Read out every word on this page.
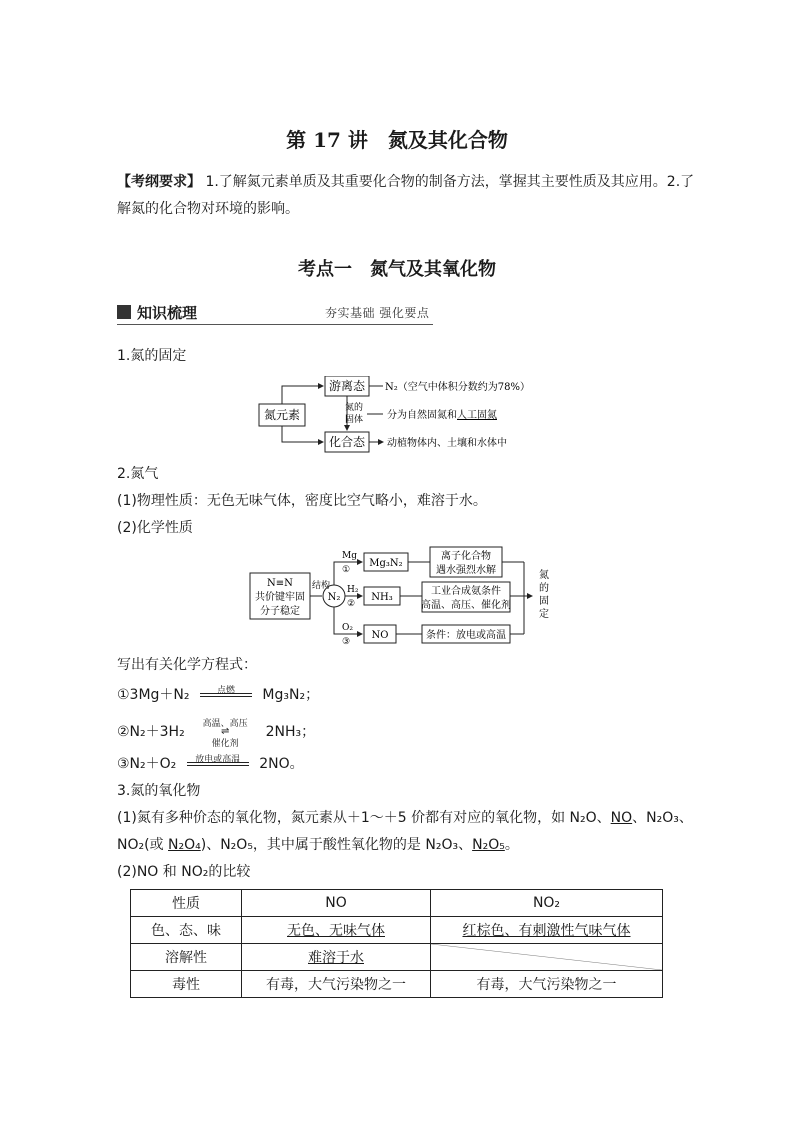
第 17 讲　氮及其化合物
【考纲要求】 1.了解氮元素单质及其重要化合物的制备方法，掌握其主要性质及其应用。2.了
解氮的化合物对环境的影响。
考点一　氮气及其氧化物
知识梳理	夯实基础 强化要点
1.氮的固定
氮元素
游离态
化合态
氮的
固体
N₂（空气中体积分数约为78%）
分为自然固氮和人工固氮
动植物体内、土壤和水体中
2.氮气
(1)物理性质：无色无味气体，密度比空气略小，难溶于水。
(2)化学性质
N≡N
共价键牢固
分子稳定
结构
N₂
Mg
①
H₂
②
O₂
③
Mg₃N₂
NH₃
NO
离子化合物
遇水强烈水解
工业合成氨条件
高温、高压、催化剂
条件：放电或高温
氮
的
固
定
写出有关化学方程式：
①3Mg＋N₂	点燃	Mg₃N₂；
②N₂＋3H₂	高温、高压
⇌
催化剂
2NH₃；
③N₂＋O₂	放电或高温	2NO。
3.氮的氧化物
(1)氮有多种价态的氧化物，氮元素从＋1～＋5 价都有对应的氧化物，如 N₂O、NO、N₂O₃、
NO₂(或 N₂O₄)、N₂O₅，其中属于酸性氧化物的是 N₂O₃、N₂O₅。
(2)NO 和 NO₂的比较
性质	NO	NO₂
色、态、味	无色、无味气体	红棕色、有刺激性气味气体
溶解性	难溶于水	

毒性	有毒，大气污染物之一	有毒，大气污染物之一
